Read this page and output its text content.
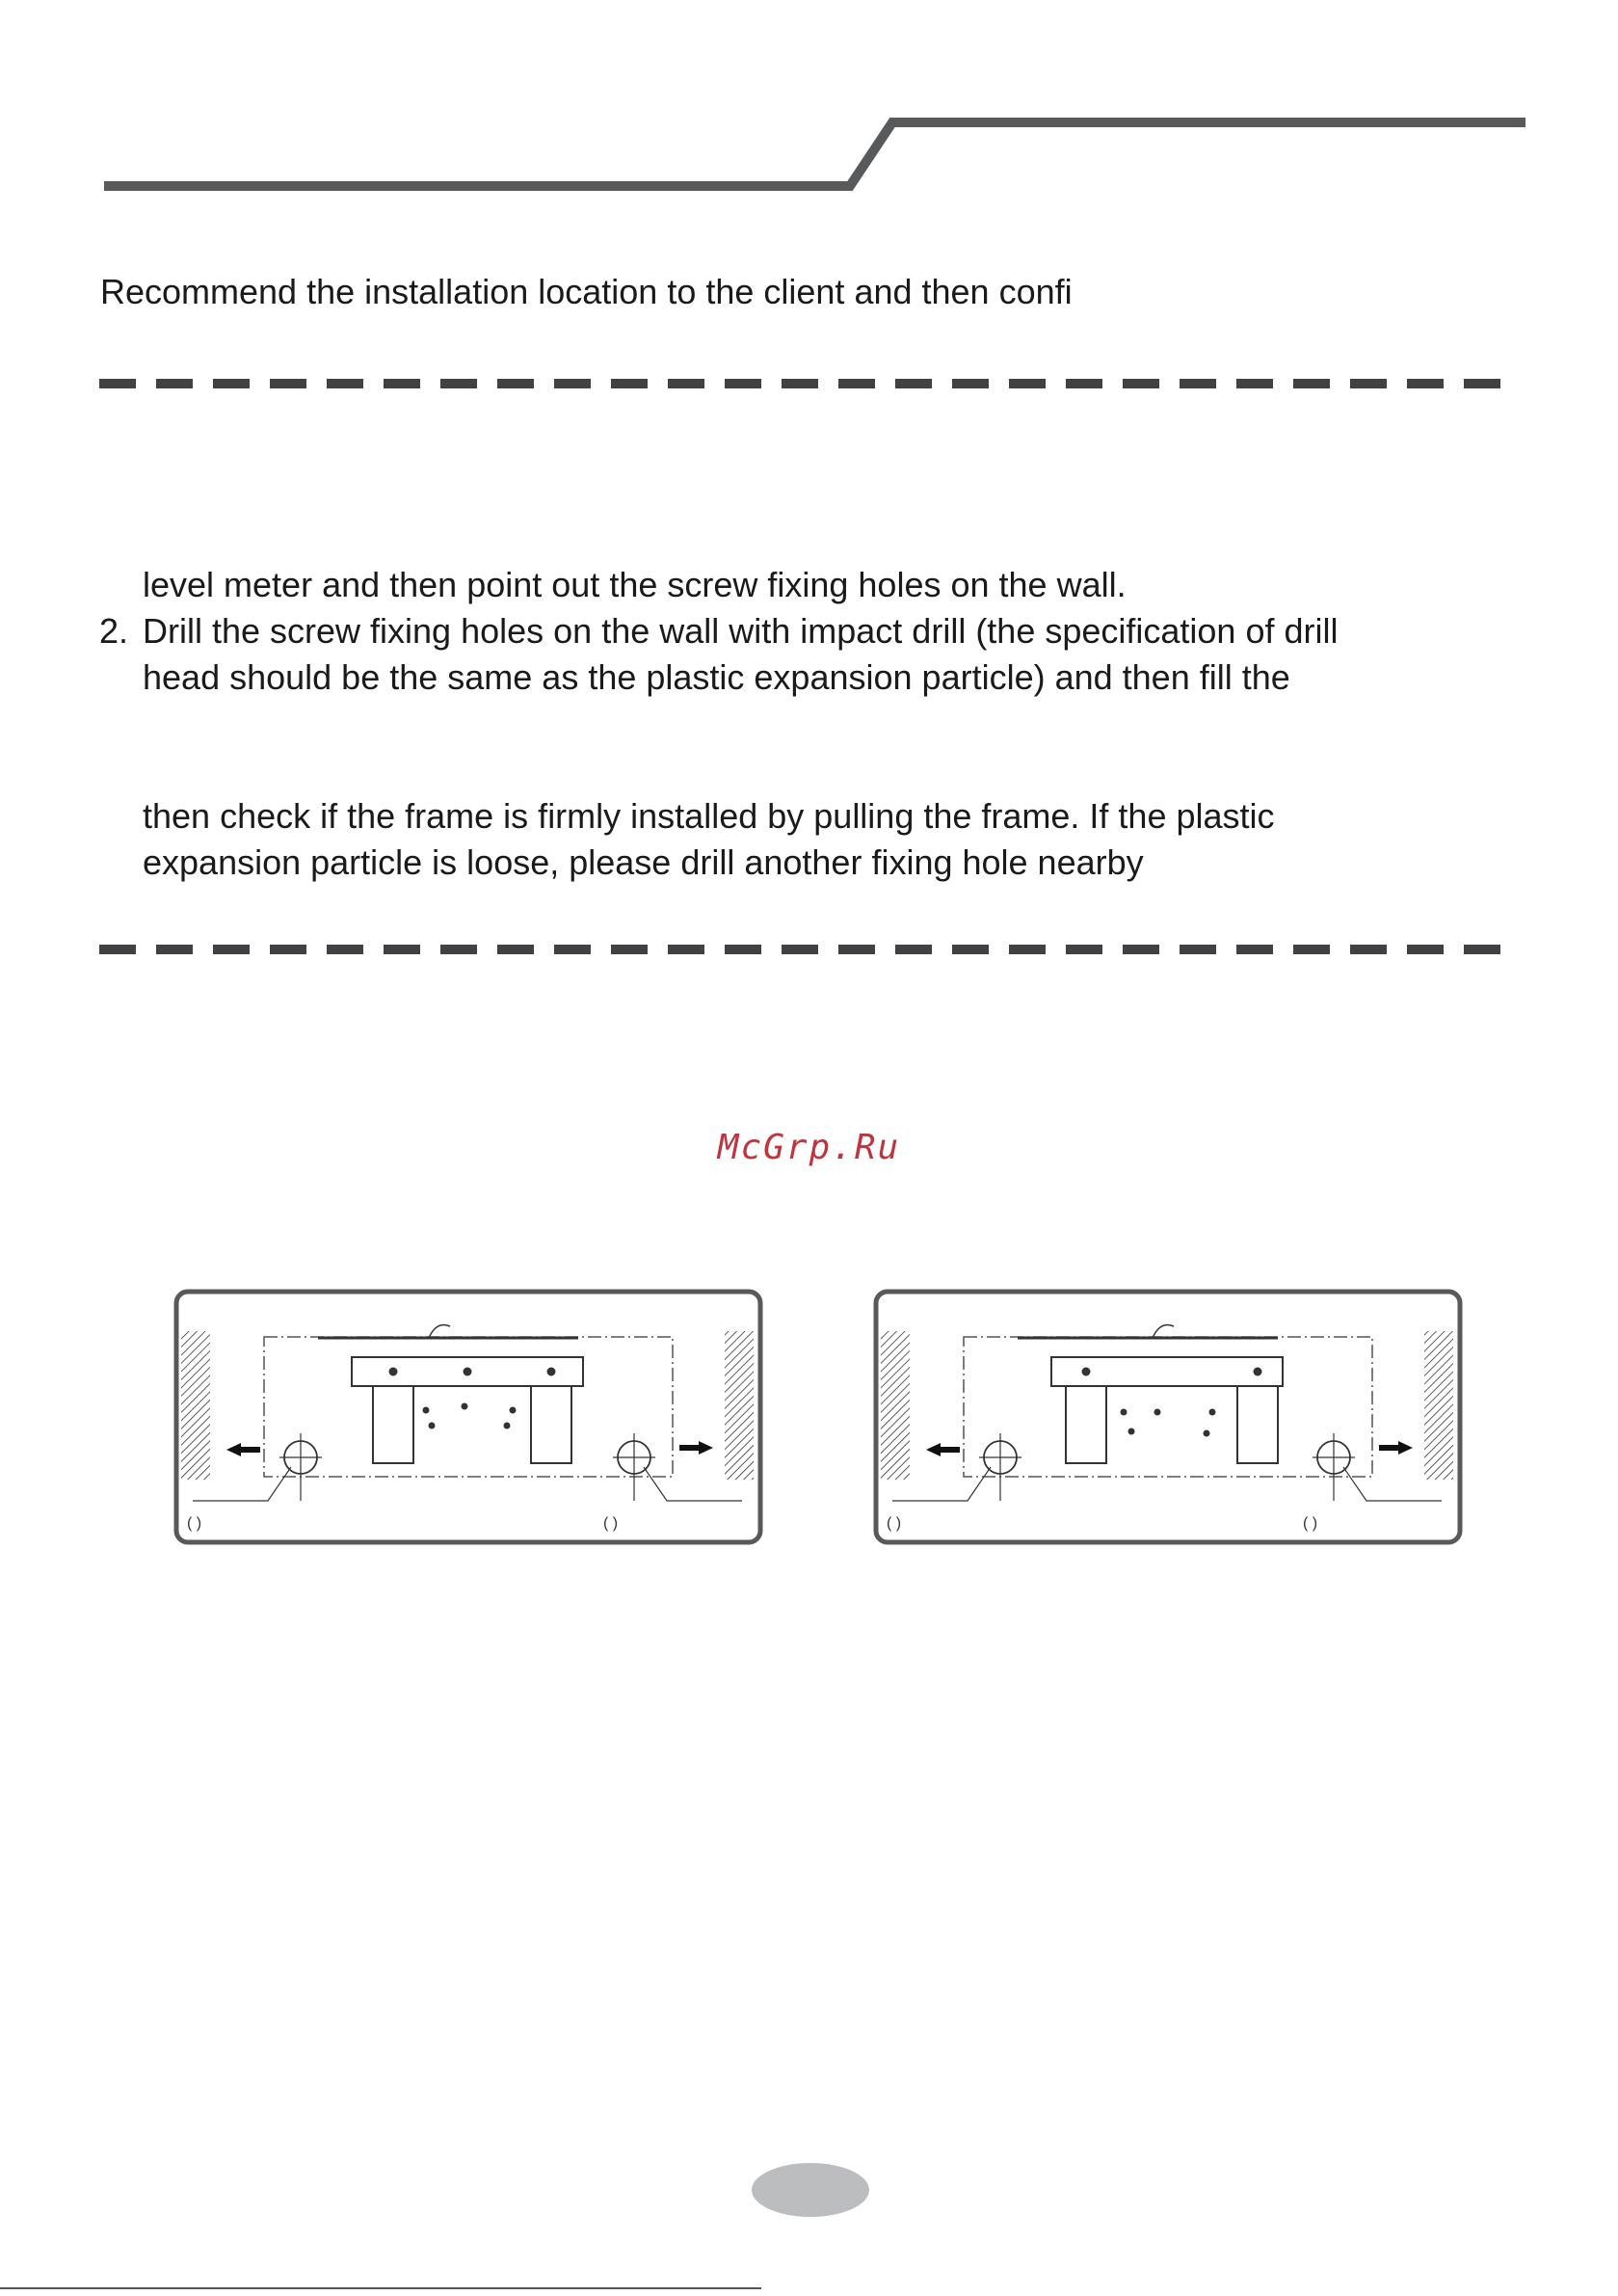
Recommend the installation location to the client and then confi
level meter and then point out the screw fixing holes on the wall.
2. Drill the screw fixing holes on the wall with impact drill (the specification of drill
head should be the same as the plastic expansion particle) and then fill the
then check if the frame is firmly installed by pulling the frame. If the plastic
expansion particle is loose, please drill another fixing hole nearby
McGrp.Ru
( )	( )	( )	( )
